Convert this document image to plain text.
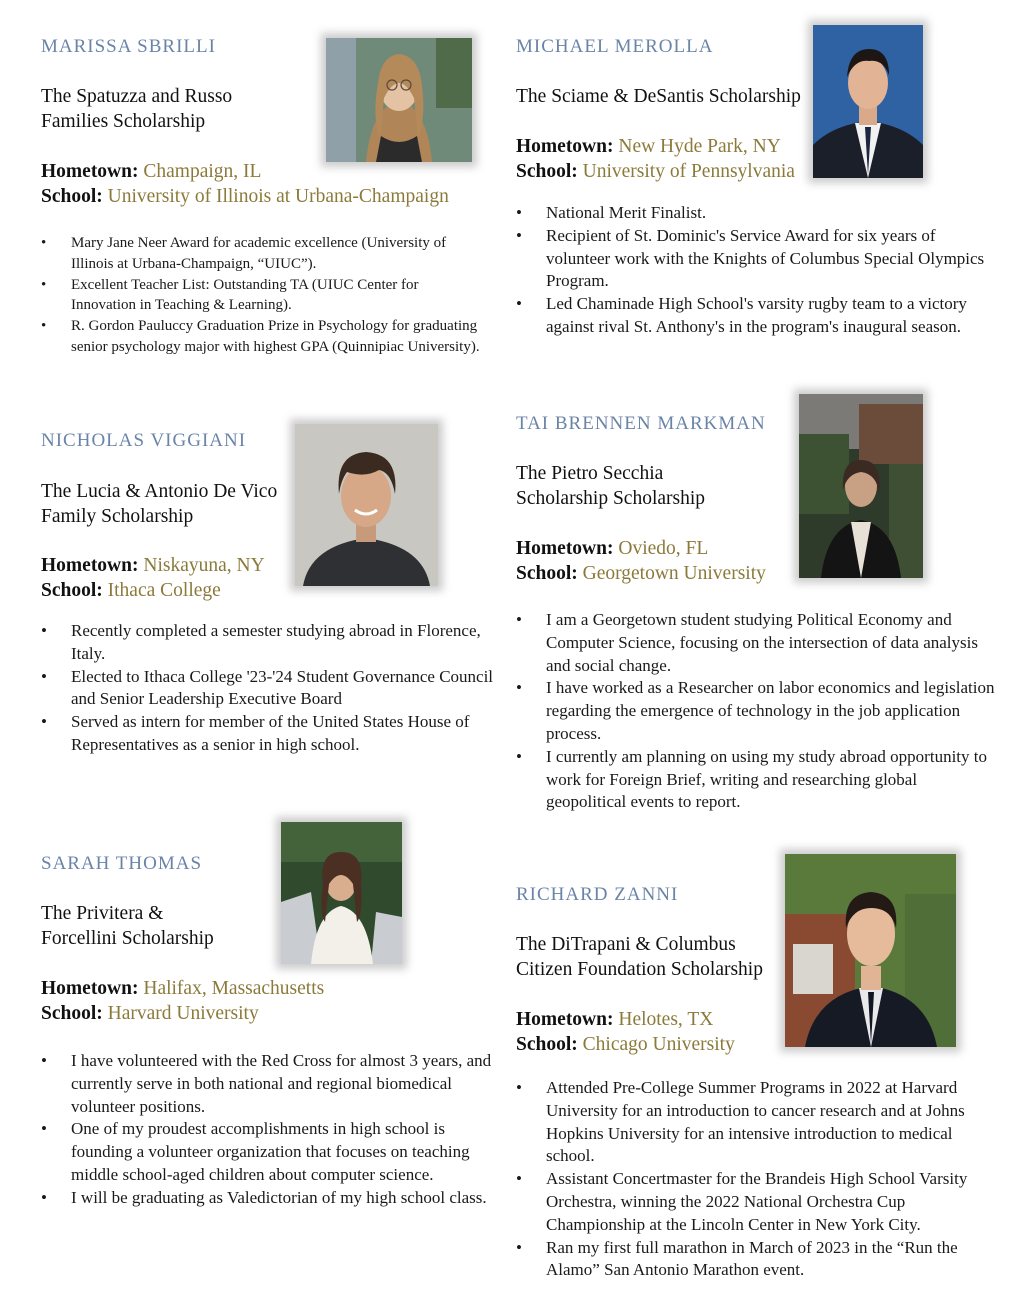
MARISSA SBRILLI
The Spatuzza and Russo
Families Scholarship
Hometown: Champaign, IL
School: University of Illinois at Urbana-Champaign
• Mary Jane Neer Award for academic excellence (University of Illinois at Urbana-Champaign, “UIUC”).
• Excellent Teacher List: Outstanding TA (UIUC Center for Innovation in Teaching & Learning).
• R. Gordon Pauluccy Graduation Prize in Psychology for graduating senior psychology major with highest GPA (Quinnipiac University).
MICHAEL MEROLLA
The Sciame & DeSantis Scholarship
Hometown: New Hyde Park, NY
School: University of Pennsylvania
• National Merit Finalist.
• Recipient of St. Dominic's Service Award for six years of volunteer work with the Knights of Columbus Special Olympics Program.
• Led Chaminade High School's varsity rugby team to a victory against rival St. Anthony's in the program's inaugural season.
NICHOLAS VIGGIANI
The Lucia & Antonio De Vico
Family Scholarship
Hometown: Niskayuna, NY
School: Ithaca College
• Recently completed a semester studying abroad in Florence, Italy.
• Elected to Ithaca College '23-'24 Student Governance Council and Senior Leadership Executive Board
• Served as intern for member of the United States House of Representatives as a senior in high school.
TAI BRENNEN MARKMAN
The Pietro Secchia
Scholarship Scholarship
Hometown: Oviedo, FL
School: Georgetown University
• I am a Georgetown student studying Political Economy and Computer Science, focusing on the intersection of data analysis and social change.
• I have worked as a Researcher on labor economics and legislation regarding the emergence of technology in the job application process.
• I currently am planning on using my study abroad opportunity to work for Foreign Brief, writing and researching global geopolitical events to report.
SARAH THOMAS
The Privitera &
Forcellini Scholarship
Hometown: Halifax, Massachusetts
School: Harvard University
• I have volunteered with the Red Cross for almost 3 years, and currently serve in both national and regional biomedical volunteer positions.
• One of my proudest accomplishments in high school is founding a volunteer organization that focuses on teaching middle school-aged children about computer science.
• I will be graduating as Valedictorian of my high school class.
RICHARD ZANNI
The DiTrapani & Columbus
Citizen Foundation Scholarship
Hometown: Helotes, TX
School: Chicago University
• Attended Pre-College Summer Programs in 2022 at Harvard University for an introduction to cancer research and at Johns Hopkins University for an intensive introduction to medical school.
• Assistant Concertmaster for the Brandeis High School Varsity Orchestra, winning the 2022 National Orchestra Cup Championship at the Lincoln Center in New York City.
• Ran my first full marathon in March of 2023 in the “Run the Alamo” San Antonio Marathon event.
